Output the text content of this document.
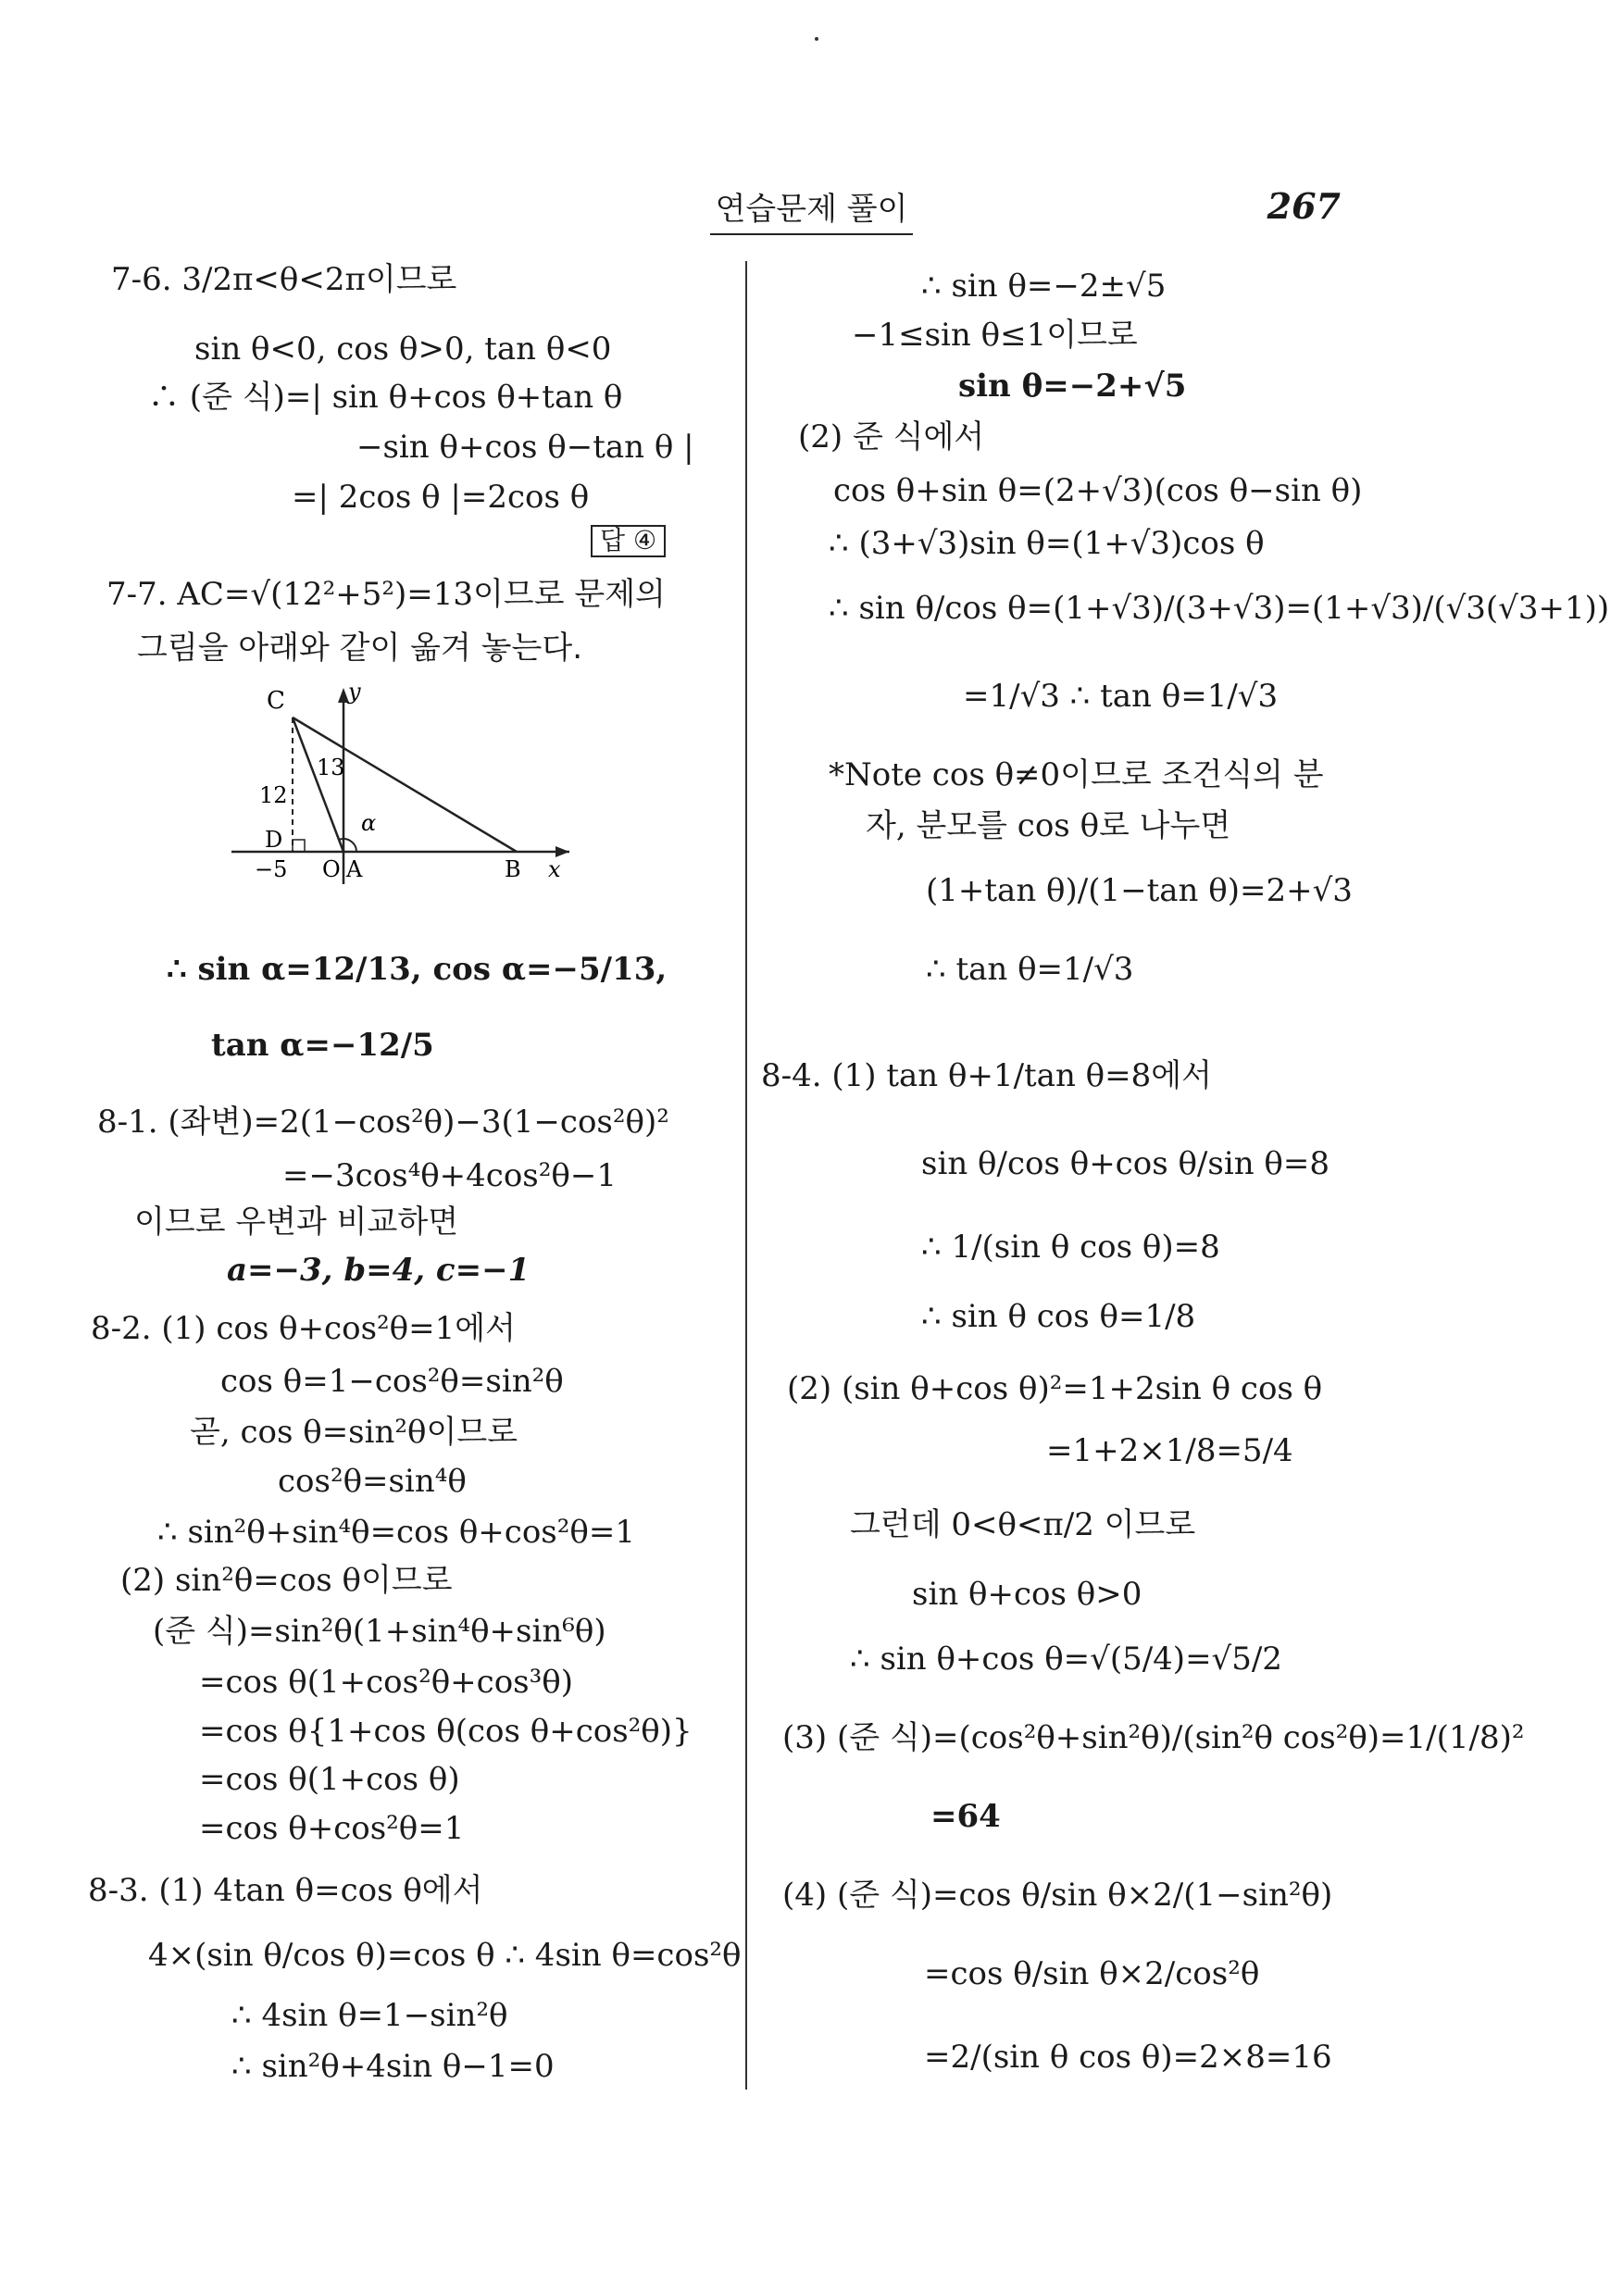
연습문제 풀이	267
7-6. 3/2π<θ<2π이므로
sin θ<0, cos θ>0, tan θ<0
∴ (준 식)=| sin θ+cos θ+tan θ
−sin θ+cos θ−tan θ |
=| 2cos θ |=2cos θ
답 ④
7-7. AC=√(12²+5²)=13이므로 문제의
그림을 아래와 같이 옮겨 놓는다.
C	y
12
13
α
D
−5 O A	B x
∴ sin α=12/13, cos α=−5/13,
tan α=−12/5
8-1. (좌변)=2(1−cos²θ)−3(1−cos²θ)²
=−3cos⁴θ+4cos²θ−1
이므로 우변과 비교하면
a=−3, b=4, c=−1
8-2. (1) cos θ+cos²θ=1에서
cos θ=1−cos²θ=sin²θ
곧, cos θ=sin²θ이므로
cos²θ=sin⁴θ
∴ sin²θ+sin⁴θ=cos θ+cos²θ=1
(2) sin²θ=cos θ이므로
(준 식)=sin²θ(1+sin⁴θ+sin⁶θ)
=cos θ(1+cos²θ+cos³θ)
=cos θ{1+cos θ(cos θ+cos²θ)}
=cos θ(1+cos θ)
=cos θ+cos²θ=1
8-3. (1) 4tan θ=cos θ에서
4×(sin θ/cos θ)=cos θ ∴ 4sin θ=cos²θ
∴ 4sin θ=1−sin²θ
∴ sin²θ+4sin θ−1=0
∴ sin θ=−2±√5
−1≤sin θ≤1이므로
sin θ=−2+√5
(2) 준 식에서
cos θ+sin θ=(2+√3)(cos θ−sin θ)
∴ (3+√3)sin θ=(1+√3)cos θ
∴ sin θ/cos θ=(1+√3)/(3+√3)=(1+√3)/(√3(√3+1))
=1/√3 ∴ tan θ=1/√3
*Note cos θ≠0이므로 조건식의 분
자, 분모를 cos θ로 나누면
(1+tan θ)/(1−tan θ)=2+√3
∴ tan θ=1/√3
8-4. (1) tan θ+1/tan θ=8에서
sin θ/cos θ+cos θ/sin θ=8
∴ 1/(sin θ cos θ)=8
∴ sin θ cos θ=1/8
(2) (sin θ+cos θ)²=1+2sin θ cos θ
=1+2×1/8=5/4
그런데 0<θ<π/2 이므로
sin θ+cos θ>0
∴ sin θ+cos θ=√(5/4)=√5/2
(3) (준 식)=(cos²θ+sin²θ)/(sin²θ cos²θ)=1/(1/8)²
=64
(4) (준 식)=cos θ/sin θ×2/(1−sin²θ)
=cos θ/sin θ×2/cos²θ
=2/(sin θ cos θ)=2×8=16
